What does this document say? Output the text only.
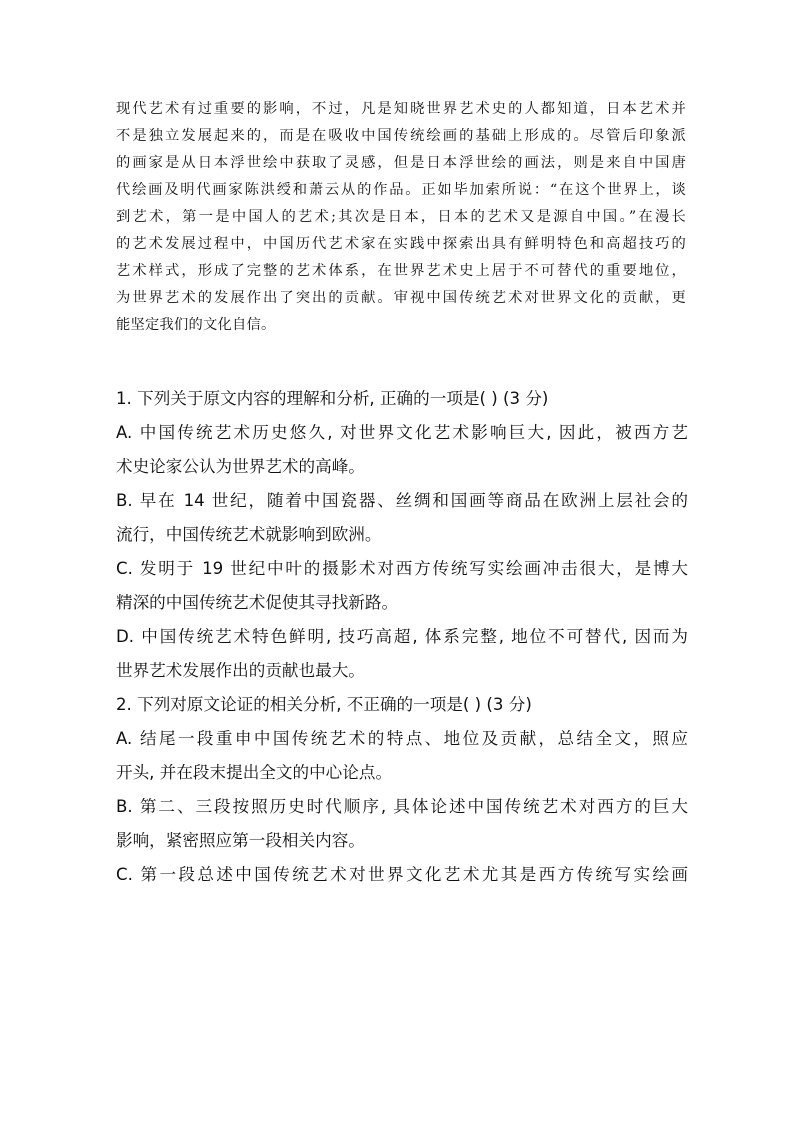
现代艺术有过重要的影响，不过，凡是知晓世界艺术史的人都知道，日本艺术并
不是独立发展起来的，而是在吸收中国传统绘画的基础上形成的。尽管后印象派
的画家是从日本浮世绘中获取了灵感，但是日本浮世绘的画法，则是来自中国唐
代绘画及明代画家陈洪绶和萧云从的作品。正如毕加索所说：“在这个世界上，谈
到艺术，第一是中国人的艺术;其次是日本，日本的艺术又是源自中国。”在漫长
的艺术发展过程中，中国历代艺术家在实践中探索出具有鲜明特色和高超技巧的
艺术样式，形成了完整的艺术体系，在世界艺术史上居于不可替代的重要地位，
为世界艺术的发展作出了突出的贡献。审视中国传统艺术对世界文化的贡献，更
能坚定我们的文化自信。
1. 下列关于原文内容的理解和分析, 正确的一项是( ) (3 分)
A. 中国传统艺术历史悠久, 对世界文化艺术影响巨大, 因此，被西方艺
术史论家公认为世界艺术的高峰。
B. 早在 14 世纪，随着中国瓷器、丝绸和国画等商品在欧洲上层社会的
流行，中国传统艺术就影响到欧洲。
C. 发明于 19 世纪中叶的摄影术对西方传统写实绘画冲击很大，是博大
精深的中国传统艺术促使其寻找新路。
D. 中国传统艺术特色鲜明, 技巧高超, 体系完整, 地位不可替代, 因而为
世界艺术发展作出的贡献也最大。
2. 下列对原文论证的相关分析, 不正确的一项是( ) (3 分)
A. 结尾一段重申中国传统艺术的特点、地位及贡献，总结全文，照应
开头, 并在段末提出全文的中心论点。
B. 第二、三段按照历史时代顺序, 具体论述中国传统艺术对西方的巨大
影响，紧密照应第一段相关内容。
C. 第一段总述中国传统艺术对世界文化艺术尤其是西方传统写实绘画
